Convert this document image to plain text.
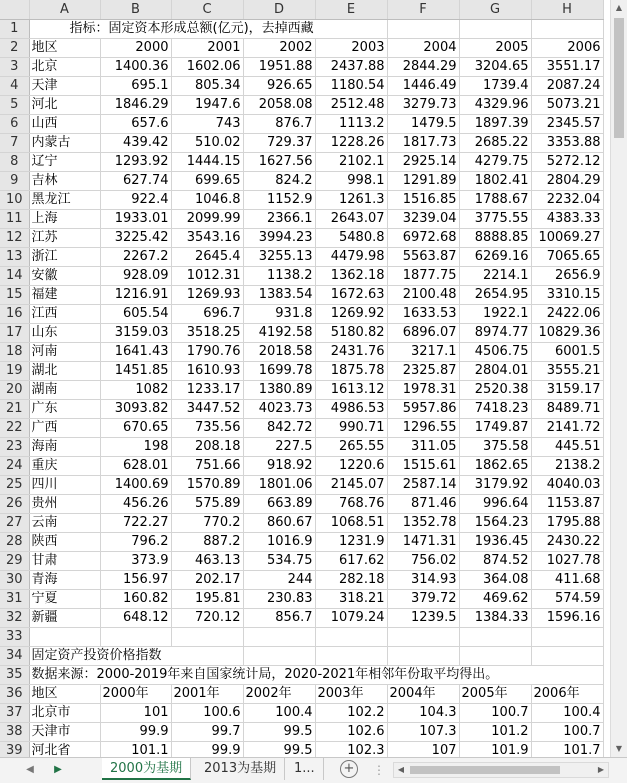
	A	B	C	D	E	F	G	H
1	指标：固定资本形成总额(亿元)，去掉西藏							
2	地区	2000	2001	2002	2003	2004	2005	2006
3	北京	1400.36	1602.06	1951.88	2437.88	2844.29	3204.65	3551.17
4	天津	695.1	805.34	926.65	1180.54	1446.49	1739.4	2087.24
5	河北	1846.29	1947.6	2058.08	2512.48	3279.73	4329.96	5073.21
6	山西	657.6	743	876.7	1113.2	1479.5	1897.39	2345.57
7	内蒙古	439.42	510.02	729.37	1228.26	1817.73	2685.22	3353.88
8	辽宁	1293.92	1444.15	1627.56	2102.1	2925.14	4279.75	5272.12
9	吉林	627.74	699.65	824.2	998.1	1291.89	1802.41	2804.29
10	黑龙江	922.4	1046.8	1152.9	1261.3	1516.85	1788.67	2232.04
11	上海	1933.01	2099.99	2366.1	2643.07	3239.04	3775.55	4383.33
12	江苏	3225.42	3543.16	3994.23	5480.8	6972.68	8888.85	10069.27
13	浙江	2267.2	2645.4	3255.13	4479.98	5563.87	6269.16	7065.65
14	安徽	928.09	1012.31	1138.2	1362.18	1877.75	2214.1	2656.9
15	福建	1216.91	1269.93	1383.54	1672.63	2100.48	2654.95	3310.15
16	江西	605.54	696.7	931.8	1269.92	1633.53	1922.1	2422.06
17	山东	3159.03	3518.25	4192.58	5180.82	6896.07	8974.77	10829.36
18	河南	1641.43	1790.76	2018.58	2431.76	3217.1	4506.75	6001.5
19	湖北	1451.85	1610.93	1699.78	1875.78	2325.87	2804.01	3555.21
20	湖南	1082	1233.17	1380.89	1613.12	1978.31	2520.38	3159.17
21	广东	3093.82	3447.52	4023.73	4986.53	5957.86	7418.23	8489.71
22	广西	670.65	735.56	842.72	990.71	1296.55	1749.87	2141.72
23	海南	198	208.18	227.5	265.55	311.05	375.58	445.51
24	重庆	628.01	751.66	918.92	1220.6	1515.61	1862.65	2138.2
25	四川	1400.69	1570.89	1801.06	2145.07	2587.14	3179.92	4040.03
26	贵州	456.26	575.89	663.89	768.76	871.46	996.64	1153.87
27	云南	722.27	770.2	860.67	1068.51	1352.78	1564.23	1795.88
28	陕西	796.2	887.2	1016.9	1231.9	1471.31	1936.45	2430.22
29	甘肃	373.9	463.13	534.75	617.62	756.02	874.52	1027.78
30	青海	156.97	202.17	244	282.18	314.93	364.08	411.68
31	宁夏	160.82	195.81	230.83	318.21	379.72	469.62	574.59
32	新疆	648.12	720.12	856.7	1079.24	1239.5	1384.33	1596.16
33								
34	固定资产投资价格指数							
35	数据来源：2000-2019年来自国家统计局，2020-2021年相邻年份取平均得出。							
36	地区	2000年	2001年	2002年	2003年	2004年	2005年	2006年
37	北京市	101	100.6	100.4	102.2	104.3	100.7	100.4
38	天津市	99.9	99.7	99.5	102.6	107.3	101.2	100.7
39	河北省	101.1	99.9	99.5	102.3	107	101.9	101.7
▲
▼
◀	▶	2000为基期	2013为基期	1...	+ ⋮	◀	▶
